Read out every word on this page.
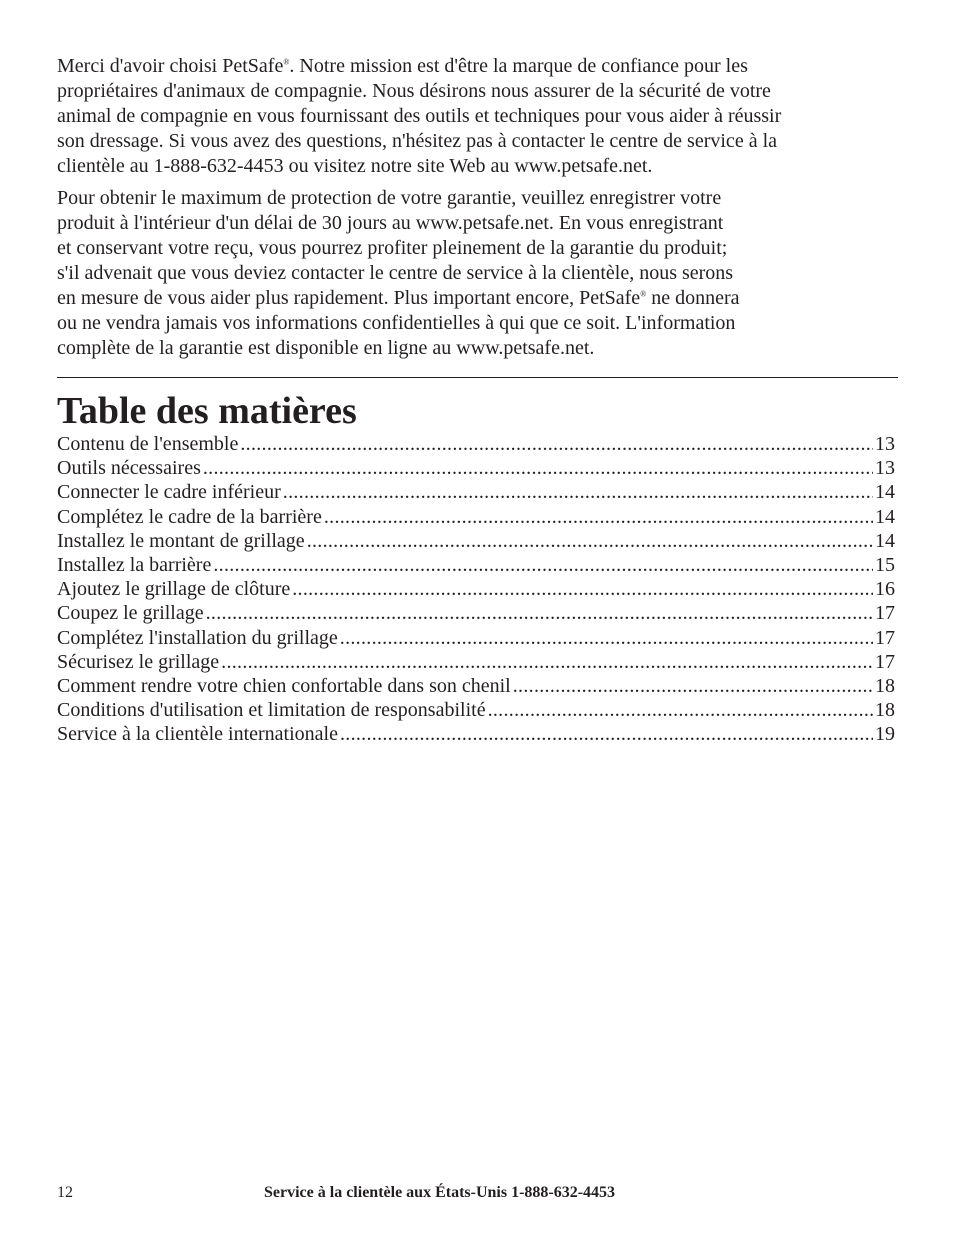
Merci d'avoir choisi PetSafe®. Notre mission est d'être la marque de confiance pour les
propriétaires d'animaux de compagnie. Nous désirons nous assurer de la sécurité de votre
animal de compagnie en vous fournissant des outils et techniques pour vous aider à réussir
son dressage. Si vous avez des questions, n'hésitez pas à contacter le centre de service à la
clientèle au 1-888-632-4453 ou visitez notre site Web au www.petsafe.net.

Pour obtenir le maximum de protection de votre garantie, veuillez enregistrer votre
produit à l'intérieur d'un délai de 30 jours au www.petsafe.net. En vous enregistrant
et conservant votre reçu, vous pourrez profiter pleinement de la garantie du produit;
s'il advenait que vous deviez contacter le centre de service à la clientèle, nous serons
en mesure de vous aider plus rapidement. Plus important encore, PetSafe® ne donnera
ou ne vendra jamais vos informations confidentielles à qui que ce soit. L'information
complète de la garantie est disponible en ligne au www.petsafe.net.

Table des matières
Contenu de l'ensemble .....	13
Outils nécessaires .....	13
Connecter le cadre inférieur .....	14
Complétez le cadre de la barrière .....	14
Installez le montant de grillage .....	14
Installez la barrière .....	15
Ajoutez le grillage de clôture .....	16
Coupez le grillage .....	17
Complétez l'installation du grillage .....	17
Sécurisez le grillage .....	17
Comment rendre votre chien confortable dans son chenil .....	18
Conditions d'utilisation et limitation de responsabilité .....	18
Service à la clientèle internationale .....	19
12	Service à la clientèle aux États-Unis 1-888-632-4453
